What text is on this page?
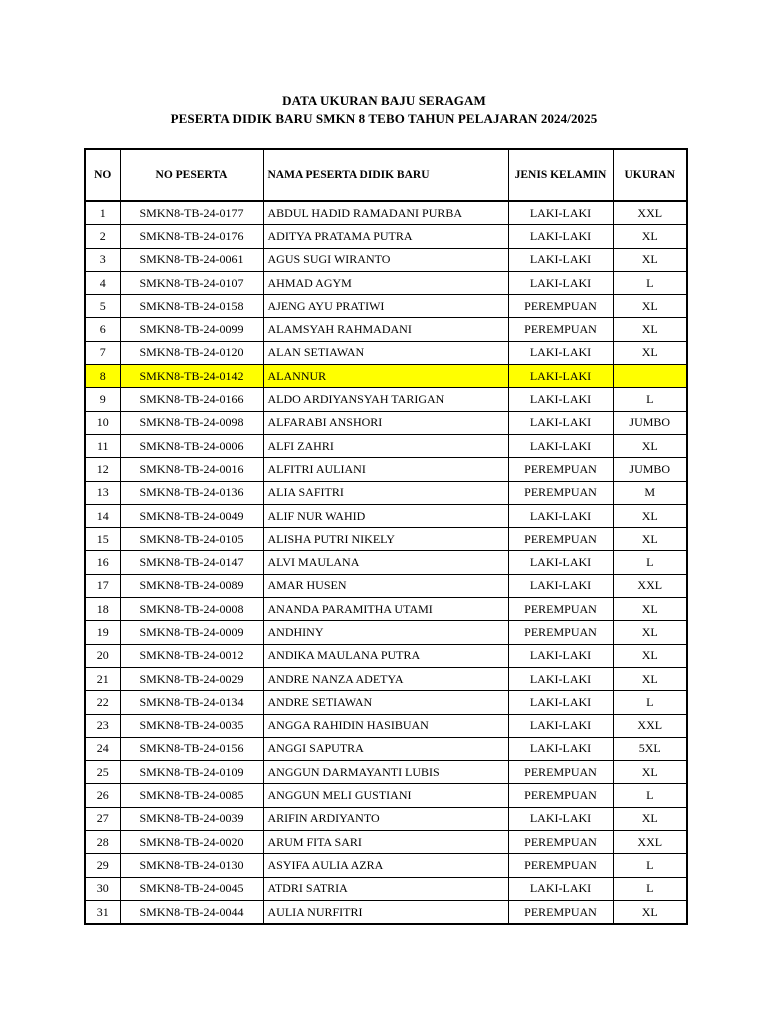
DATA UKURAN BAJU SERAGAM
PESERTA DIDIK BARU SMKN 8 TEBO TAHUN PELAJARAN 2024/2025
NO	NO PESERTA	NAMA PESERTA DIDIK BARU	JENIS KELAMIN	UKURAN
1	SMKN8-TB-24-0177	ABDUL HADID RAMADANI PURBA	LAKI-LAKI	XXL
2	SMKN8-TB-24-0176	ADITYA PRATAMA PUTRA	LAKI-LAKI	XL
3	SMKN8-TB-24-0061	AGUS SUGI WIRANTO	LAKI-LAKI	XL
4	SMKN8-TB-24-0107	AHMAD AGYM	LAKI-LAKI	L
5	SMKN8-TB-24-0158	AJENG AYU PRATIWI	PEREMPUAN	XL
6	SMKN8-TB-24-0099	ALAMSYAH RAHMADANI	PEREMPUAN	XL
7	SMKN8-TB-24-0120	ALAN SETIAWAN	LAKI-LAKI	XL
8	SMKN8-TB-24-0142	ALANNUR	LAKI-LAKI	
9	SMKN8-TB-24-0166	ALDO ARDIYANSYAH TARIGAN	LAKI-LAKI	L
10	SMKN8-TB-24-0098	ALFARABI ANSHORI	LAKI-LAKI	JUMBO
11	SMKN8-TB-24-0006	ALFI ZAHRI	LAKI-LAKI	XL
12	SMKN8-TB-24-0016	ALFITRI AULIANI	PEREMPUAN	JUMBO
13	SMKN8-TB-24-0136	ALIA SAFITRI	PEREMPUAN	M
14	SMKN8-TB-24-0049	ALIF NUR WAHID	LAKI-LAKI	XL
15	SMKN8-TB-24-0105	ALISHA PUTRI NIKELY	PEREMPUAN	XL
16	SMKN8-TB-24-0147	ALVI MAULANA	LAKI-LAKI	L
17	SMKN8-TB-24-0089	AMAR HUSEN	LAKI-LAKI	XXL
18	SMKN8-TB-24-0008	ANANDA PARAMITHA UTAMI	PEREMPUAN	XL
19	SMKN8-TB-24-0009	ANDHINY	PEREMPUAN	XL
20	SMKN8-TB-24-0012	ANDIKA MAULANA PUTRA	LAKI-LAKI	XL
21	SMKN8-TB-24-0029	ANDRE NANZA ADETYA	LAKI-LAKI	XL
22	SMKN8-TB-24-0134	ANDRE SETIAWAN	LAKI-LAKI	L
23	SMKN8-TB-24-0035	ANGGA RAHIDIN HASIBUAN	LAKI-LAKI	XXL
24	SMKN8-TB-24-0156	ANGGI SAPUTRA	LAKI-LAKI	5XL
25	SMKN8-TB-24-0109	ANGGUN DARMAYANTI LUBIS	PEREMPUAN	XL
26	SMKN8-TB-24-0085	ANGGUN MELI GUSTIANI	PEREMPUAN	L
27	SMKN8-TB-24-0039	ARIFIN ARDIYANTO	LAKI-LAKI	XL
28	SMKN8-TB-24-0020	ARUM FITA SARI	PEREMPUAN	XXL
29	SMKN8-TB-24-0130	ASYIFA AULIA AZRA	PEREMPUAN	L
30	SMKN8-TB-24-0045	ATDRI SATRIA	LAKI-LAKI	L
31	SMKN8-TB-24-0044	AULIA NURFITRI	PEREMPUAN	XL
